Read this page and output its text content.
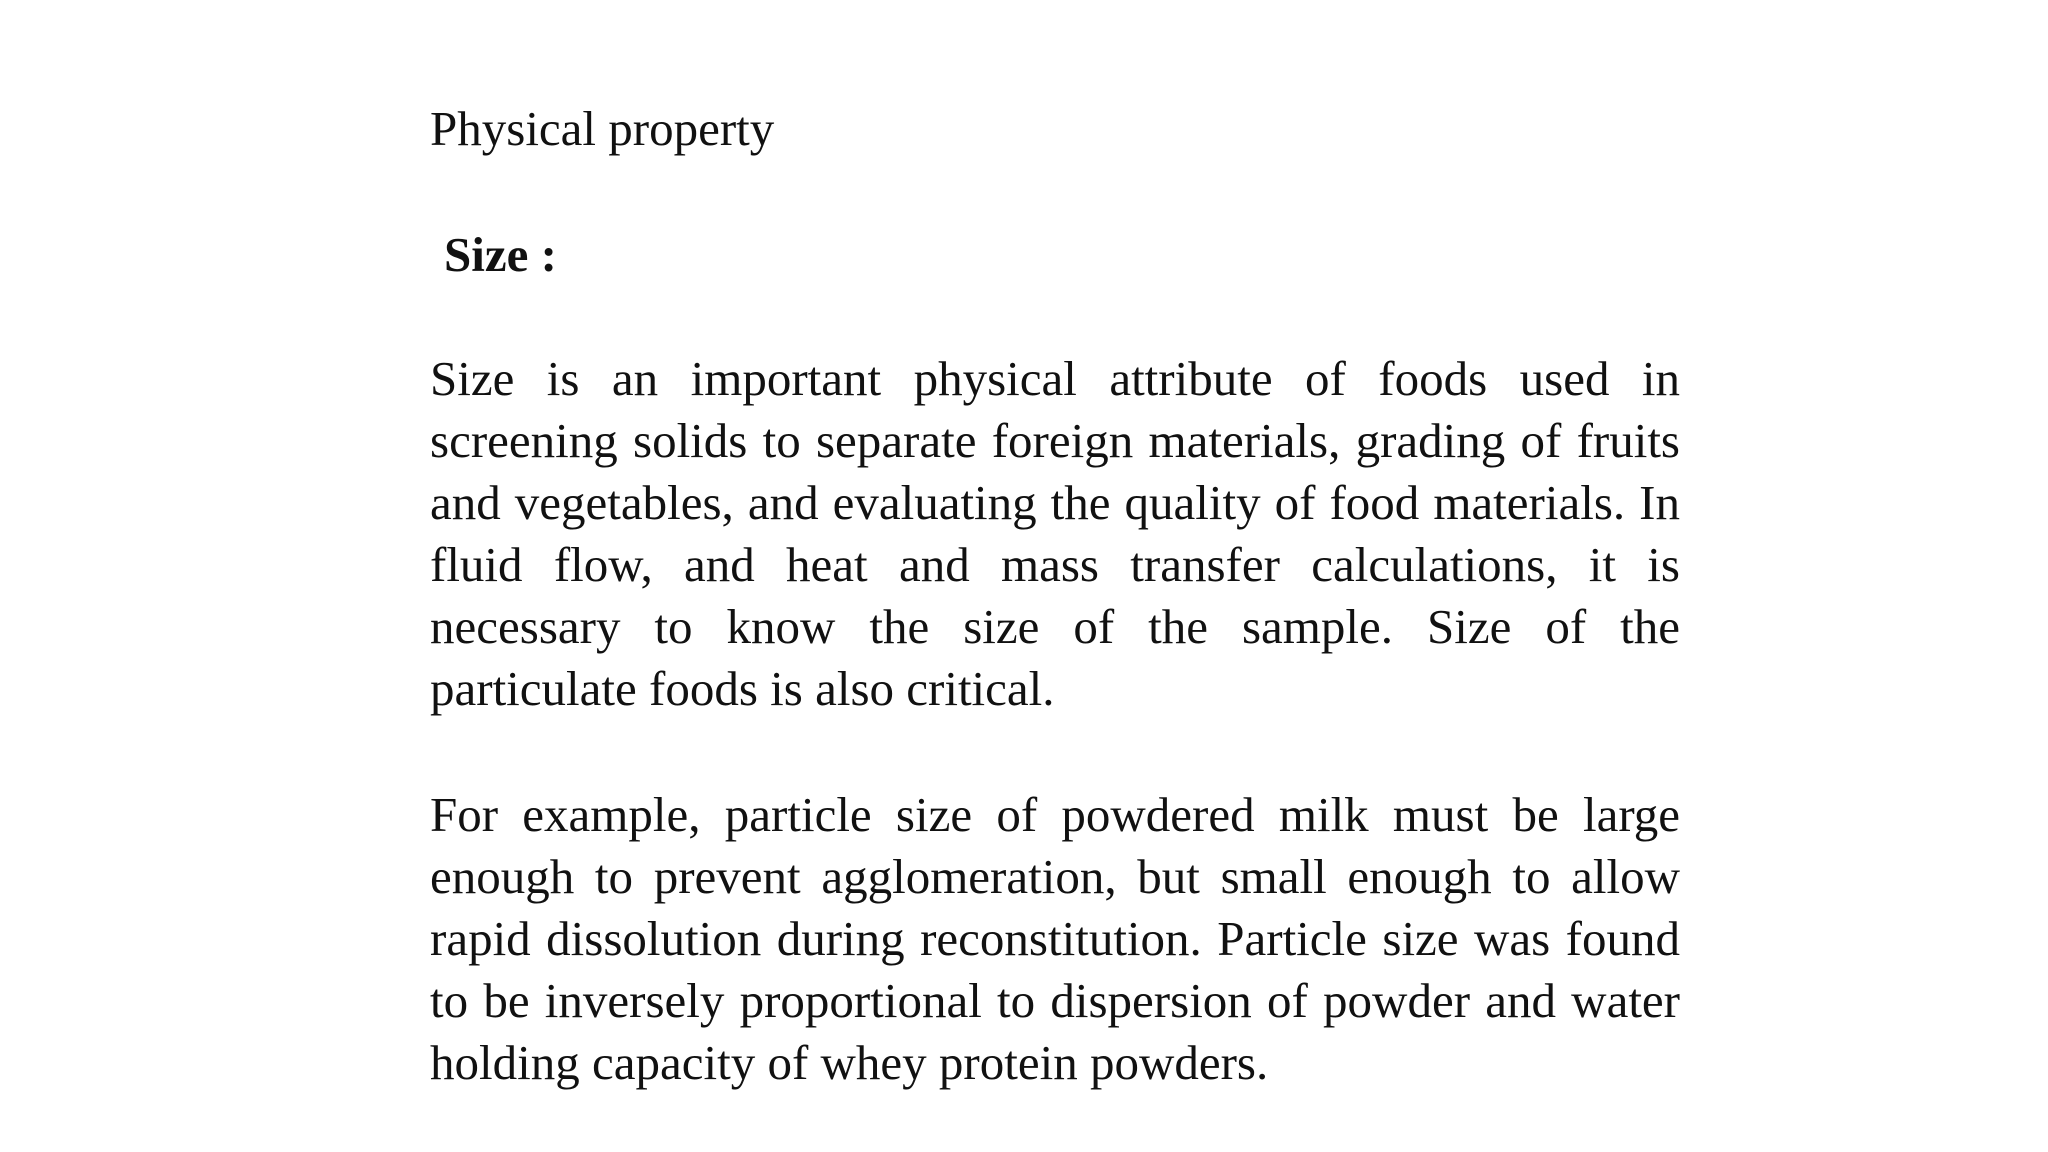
Physical property
Size :

Size is an important physical attribute of foods used in screening solids to separate foreign materials, grading of fruits and vegetables, and evaluating the quality of food materials. In fluid flow, and heat and mass transfer calculations, it is necessary to know the size of the sample. Size of the particulate foods is also critical.

For example, particle size of powdered milk must be large enough to prevent agglomeration, but small enough to allow rapid dissolution during reconstitution. Particle size was found to be inversely proportional to dispersion of powder and water holding capacity of whey protein powders.
